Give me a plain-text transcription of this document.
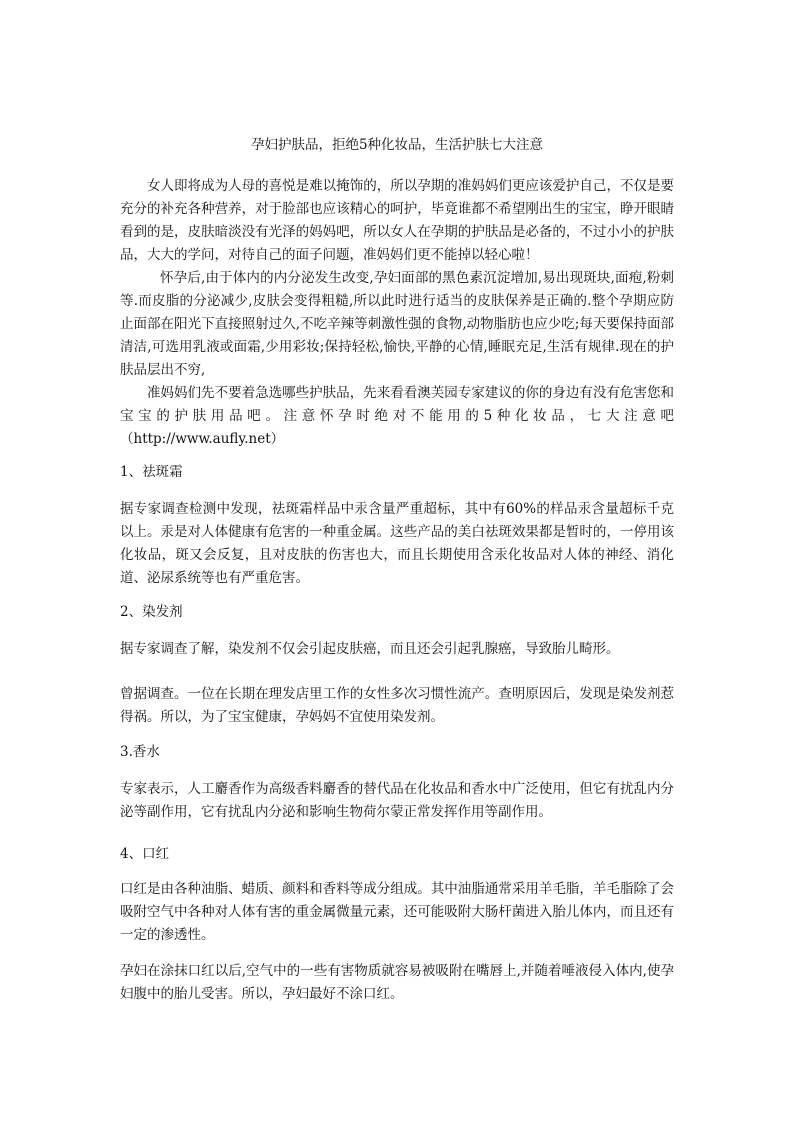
孕妇护肤品，拒绝5种化妆品，生活护肤七大注意

女人即将成为人母的喜悦是难以掩饰的，所以孕期的准妈妈们更应该爱护自己，不仅是要充分的补充各种营养，对于脸部也应该精心的呵护，毕竟谁都不希望刚出生的宝宝，睁开眼睛看到的是，皮肤暗淡没有光泽的妈妈吧，所以女人在孕期的护肤品是必备的，不过小小的护肤品，大大的学问，对待自己的面子问题，准妈妈们更不能掉以轻心啦！

怀孕后,由于体内的内分泌发生改变,孕妇面部的黑色素沉淀增加,易出现斑块,面疱,粉刺等.而皮脂的分泌减少,皮肤会变得粗糙,所以此时进行适当的皮肤保养是正确的.整个孕期应防止面部在阳光下直接照射过久,不吃辛辣等刺激性强的食物,动物脂肪也应少吃;每天要保持面部清洁,可选用乳液或面霜,少用彩妆;保持轻松,愉快,平静的心情,睡眠充足,生活有规律.现在的护肤品层出不穷,

准妈妈们先不要着急选哪些护肤品，先来看看澳芙园专家建议的你的身边有没有危害您和宝宝的护肤用品吧。注意怀孕时绝对不能用的5种化妆品，七大注意吧（http://www.aufly.net）

1、祛斑霜

据专家调查检测中发现，祛斑霜样品中汞含量严重超标，其中有60%的样品汞含量超标千克以上。汞是对人体健康有危害的一种重金属。这些产品的美白祛斑效果都是暂时的，一停用该化妆品，斑又会反复，且对皮肤的伤害也大，而且长期使用含汞化妆品对人体的神经、消化道、泌尿系统等也有严重危害。

2、染发剂

据专家调查了解，染发剂不仅会引起皮肤癌，而且还会引起乳腺癌，导致胎儿畸形。

曾据调查。一位在长期在理发店里工作的女性多次习惯性流产。查明原因后，发现是染发剂惹得祸。所以，为了宝宝健康，孕妈妈不宜使用染发剂。

3.香水

专家表示，人工麝香作为高级香料麝香的替代品在化妆品和香水中广泛使用，但它有扰乱内分泌等副作用，它有扰乱内分泌和影响生物荷尔蒙正常发挥作用等副作用。

4、口红

口红是由各种油脂、蜡质、颜料和香料等成分组成。其中油脂通常采用羊毛脂，羊毛脂除了会吸附空气中各种对人体有害的重金属微量元素，还可能吸附大肠杆菌进入胎儿体内，而且还有一定的渗透性。

孕妇在涂抹口红以后,空气中的一些有害物质就容易被吸附在嘴唇上,并随着唾液侵入体内,使孕妇腹中的胎儿受害。所以，孕妇最好不涂口红。
